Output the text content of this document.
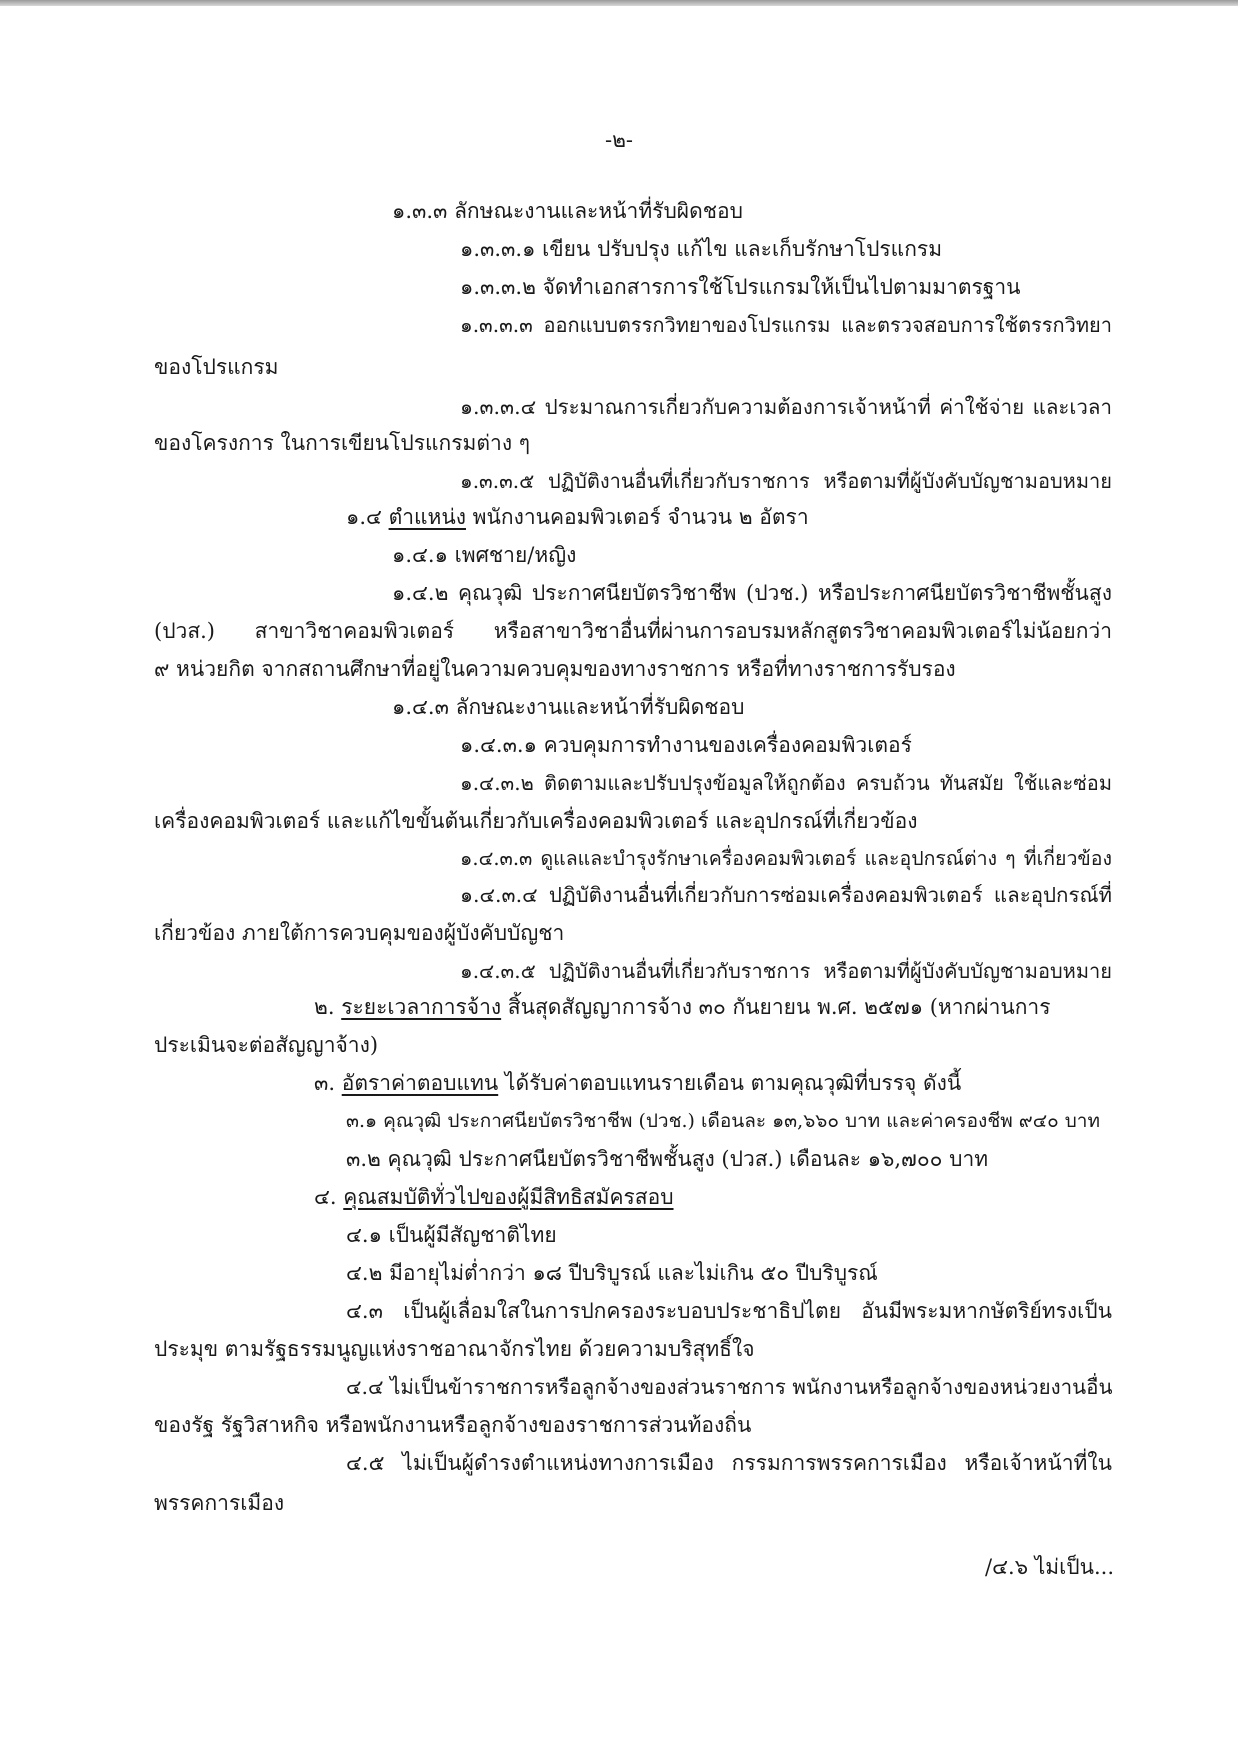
-๒-
๑.๓.๓ ลักษณะงานและหน้าที่รับผิดชอบ
๑.๓.๓.๑ เขียน ปรับปรุง แก้ไข และเก็บรักษาโปรแกรม
๑.๓.๓.๒ จัดทำเอกสารการใช้โปรแกรมให้เป็นไปตามมาตรฐาน
๑.๓.๓.๓ ออกแบบตรรกวิทยาของโปรแกรม และตรวจสอบการใช้ตรรกวิทยา
ของโปรแกรม
๑.๓.๓.๔ ประมาณการเกี่ยวกับความต้องการเจ้าหน้าที่ ค่าใช้จ่าย และเวลา
ของโครงการ ในการเขียนโปรแกรมต่าง ๆ
๑.๓.๓.๕ ปฏิบัติงานอื่นที่เกี่ยวกับราชการ หรือตามที่ผู้บังคับบัญชามอบหมาย
๑.๔ ตำแหน่ง พนักงานคอมพิวเตอร์ จำนวน ๒ อัตรา
๑.๔.๑ เพศชาย/หญิง
๑.๔.๒ คุณวุฒิ ประกาศนียบัตรวิชาชีพ (ปวช.) หรือประกาศนียบัตรวิชาชีพชั้นสูง
(ปวส.) สาขาวิชาคอมพิวเตอร์ หรือสาขาวิชาอื่นที่ผ่านการอบรมหลักสูตรวิชาคอมพิวเตอร์ไม่น้อยกว่า
๙ หน่วยกิต จากสถานศึกษาที่อยู่ในความควบคุมของทางราชการ หรือที่ทางราชการรับรอง
๑.๔.๓ ลักษณะงานและหน้าที่รับผิดชอบ
๑.๔.๓.๑ ควบคุมการทำงานของเครื่องคอมพิวเตอร์
๑.๔.๓.๒ ติดตามและปรับปรุงข้อมูลให้ถูกต้อง ครบถ้วน ทันสมัย ใช้และซ่อม
เครื่องคอมพิวเตอร์ และแก้ไขขั้นต้นเกี่ยวกับเครื่องคอมพิวเตอร์ และอุปกรณ์ที่เกี่ยวข้อง
๑.๔.๓.๓ ดูแลและบำรุงรักษาเครื่องคอมพิวเตอร์ และอุปกรณ์ต่าง ๆ ที่เกี่ยวข้อง
๑.๔.๓.๔ ปฏิบัติงานอื่นที่เกี่ยวกับการซ่อมเครื่องคอมพิวเตอร์ และอุปกรณ์ที่
เกี่ยวข้อง ภายใต้การควบคุมของผู้บังคับบัญชา
๑.๔.๓.๕ ปฏิบัติงานอื่นที่เกี่ยวกับราชการ หรือตามที่ผู้บังคับบัญชามอบหมาย
๒. ระยะเวลาการจ้าง สิ้นสุดสัญญาการจ้าง ๓๐ กันยายน พ.ศ. ๒๕๗๑ (หากผ่านการ
ประเมินจะต่อสัญญาจ้าง)
๓. อัตราค่าตอบแทน ได้รับค่าตอบแทนรายเดือน ตามคุณวุฒิที่บรรจุ ดังนี้
๓.๑ คุณวุฒิ ประกาศนียบัตรวิชาชีพ (ปวช.) เดือนละ ๑๓,๖๖๐ บาท และค่าครองชีพ ๙๔๐ บาท
๓.๒ คุณวุฒิ ประกาศนียบัตรวิชาชีพชั้นสูง (ปวส.) เดือนละ ๑๖,๗๐๐ บาท
๔. คุณสมบัติทั่วไปของผู้มีสิทธิสมัครสอบ
๔.๑ เป็นผู้มีสัญชาติไทย
๔.๒ มีอายุไม่ต่ำกว่า ๑๘ ปีบริบูรณ์ และไม่เกิน ๕๐ ปีบริบูรณ์
๔.๓ เป็นผู้เลื่อมใสในการปกครองระบอบประชาธิปไตย อันมีพระมหากษัตริย์ทรงเป็น
ประมุข ตามรัฐธรรมนูญแห่งราชอาณาจักรไทย ด้วยความบริสุทธิ์ใจ
๔.๔ ไม่เป็นข้าราชการหรือลูกจ้างของส่วนราชการ พนักงานหรือลูกจ้างของหน่วยงานอื่น
ของรัฐ รัฐวิสาหกิจ หรือพนักงานหรือลูกจ้างของราชการส่วนท้องถิ่น
๔.๕ ไม่เป็นผู้ดำรงตำแหน่งทางการเมือง กรรมการพรรคการเมือง หรือเจ้าหน้าที่ใน
พรรคการเมือง
/๔.๖ ไม่เป็น...
